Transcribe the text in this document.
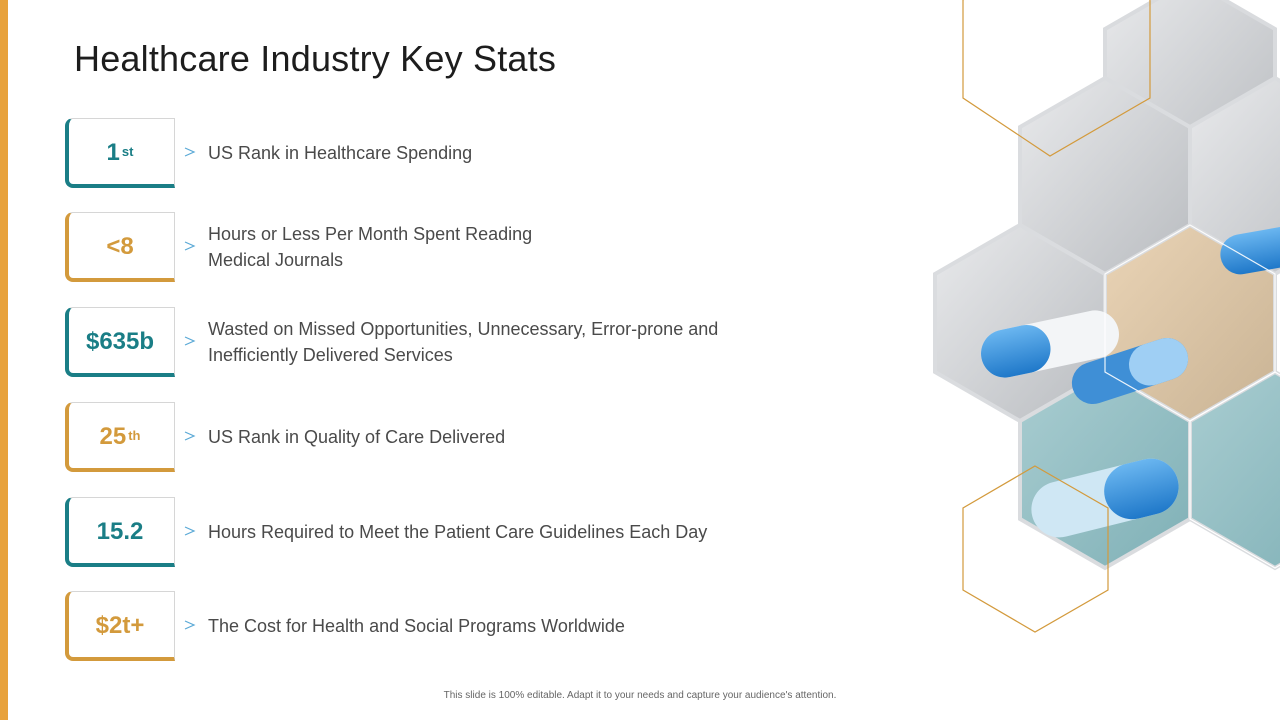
Healthcare Industry Key Stats
1st	US Rank in Healthcare Spending
<8	Hours or Less Per Month Spent Reading
Medical Journals
$635b	Wasted on Missed Opportunities, Unnecessary, Error-prone and
Inefficiently Delivered Services
25th	US Rank in Quality of Care Delivered
15.2	Hours Required to Meet the Patient Care Guidelines Each Day
$2t+	The Cost for Health and Social Programs Worldwide
This slide is 100% editable. Adapt it to your needs and capture your audience's attention.
